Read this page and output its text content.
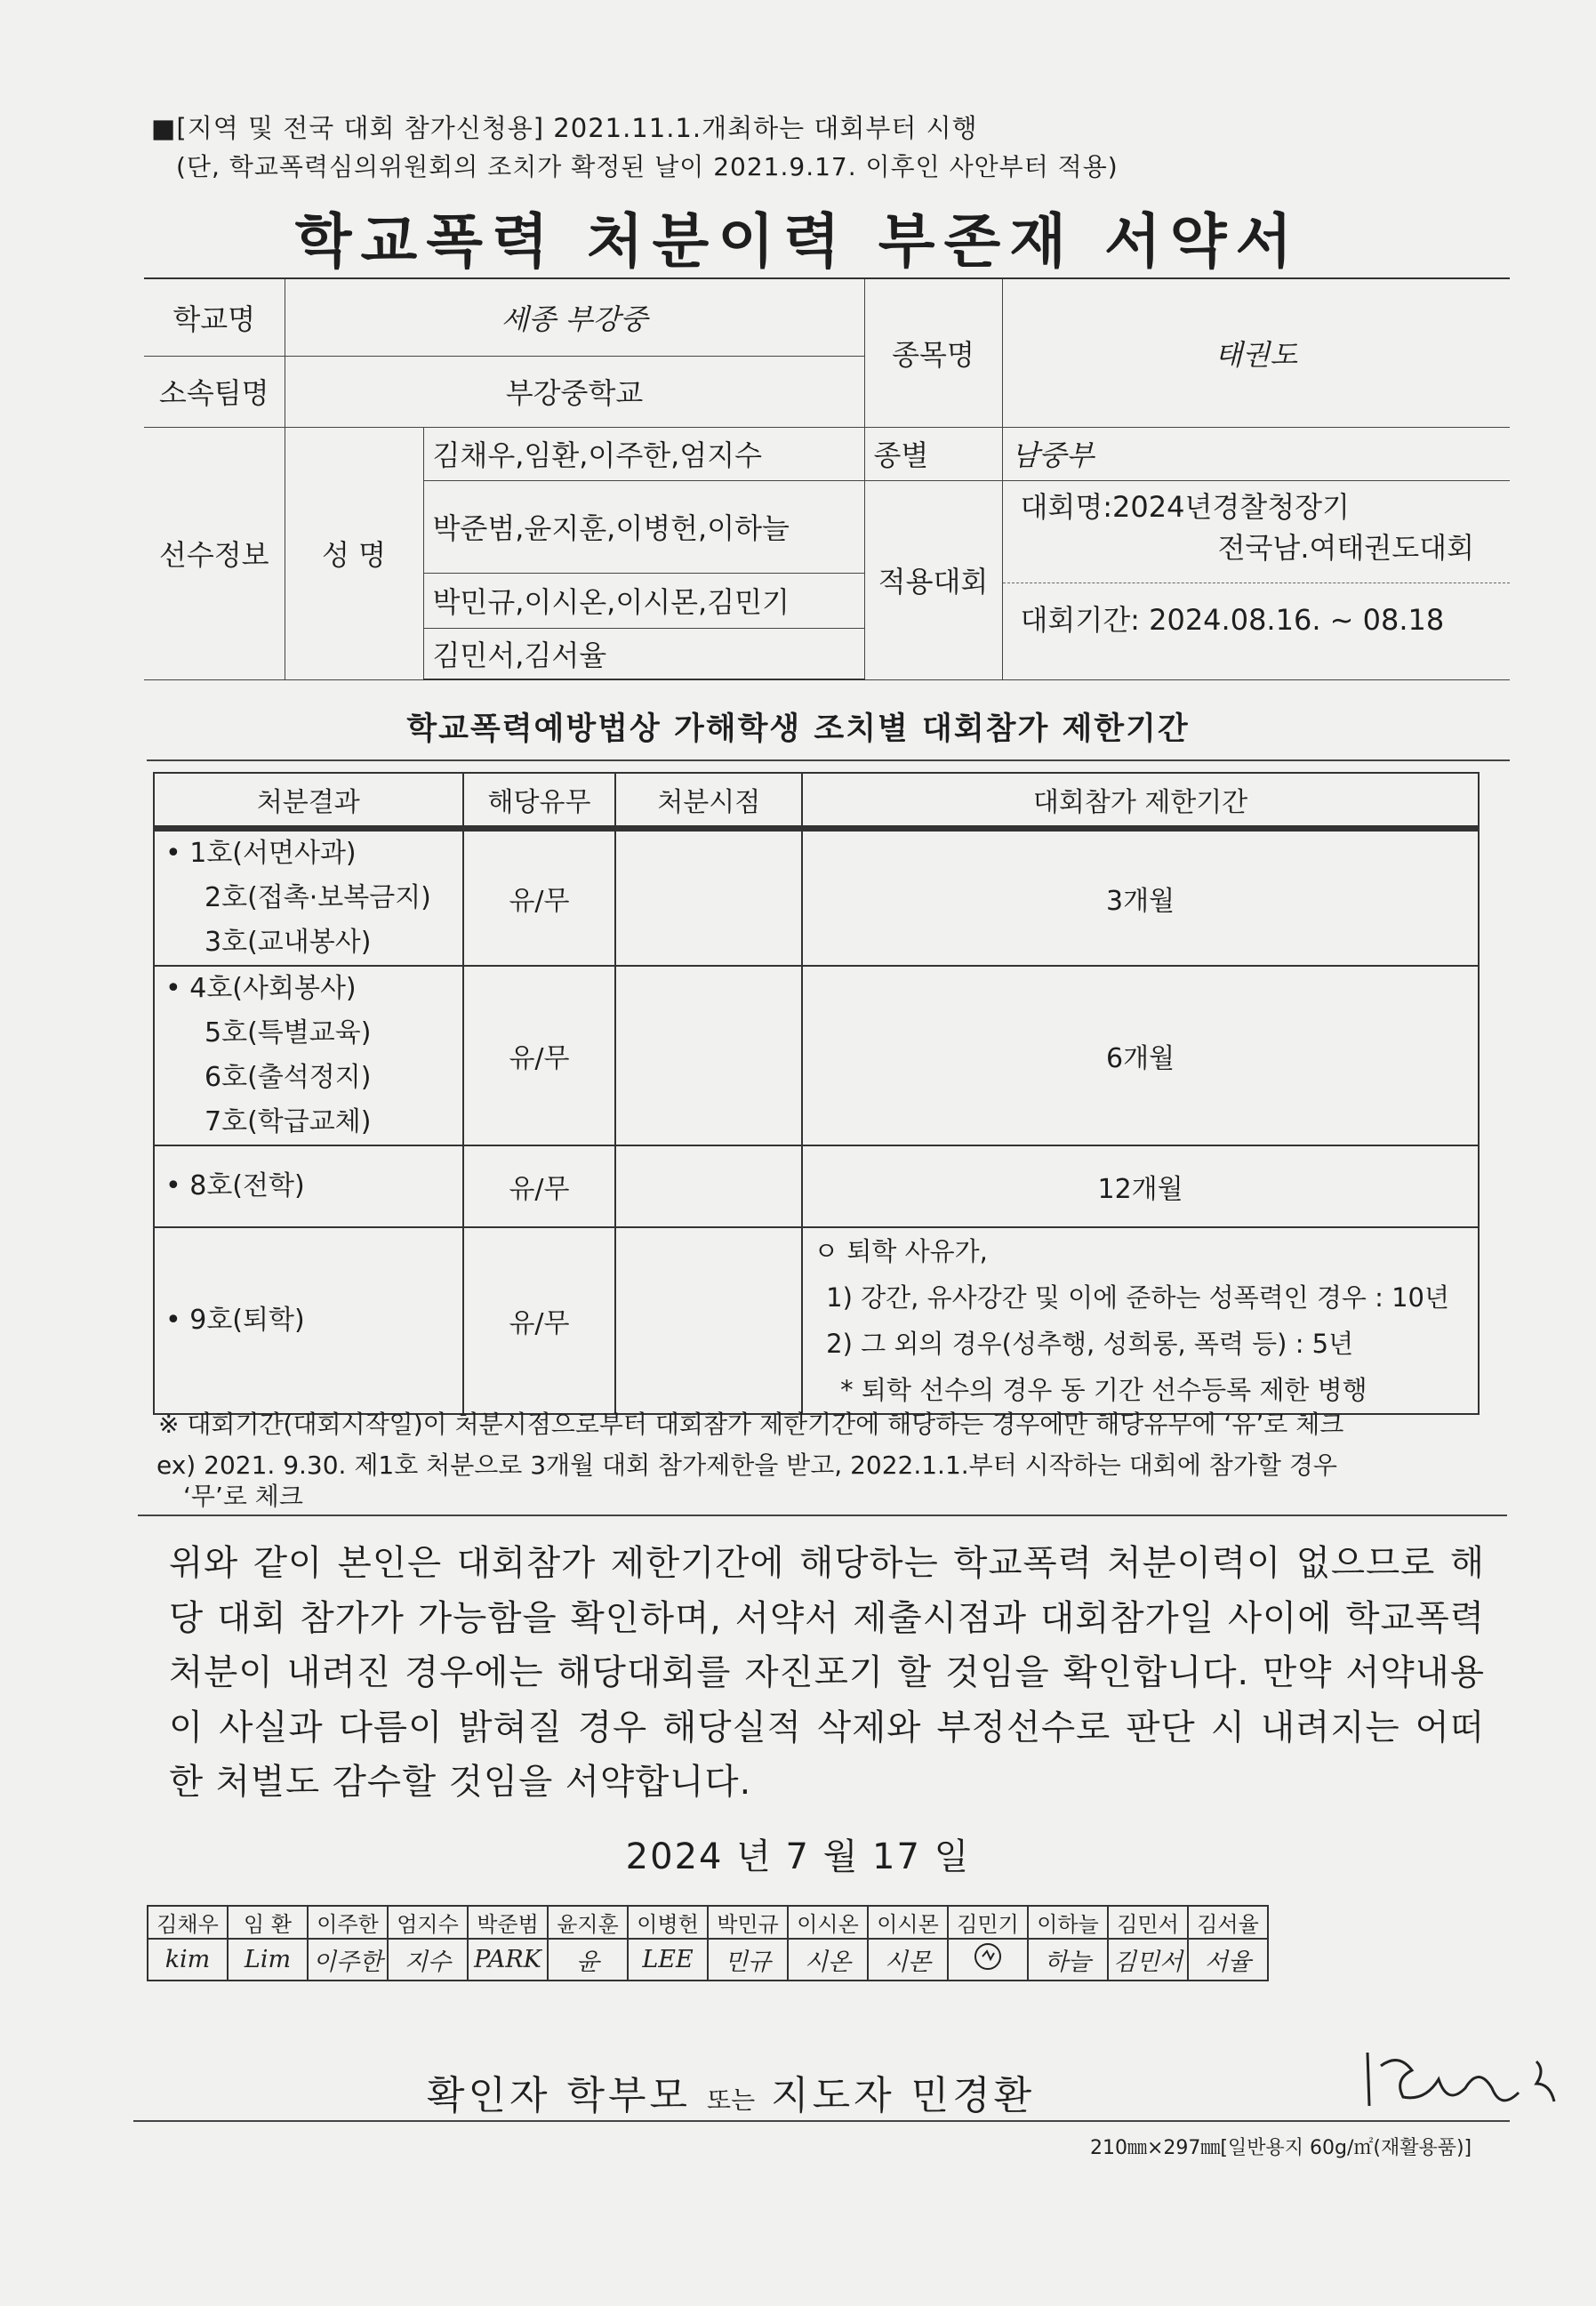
■[지역 및 전국 대회 참가신청용] 2021.11.1.개최하는 대회부터 시행
(단, 학교폭력심의위원회의 조치가 확정된 날이 2021.9.17. 이후인 사안부터 적용)
학교폭력 처분이력 부존재 서약서
학교명	세종 부강중		종목명	태권도
소속팀명	부강중학교			
선수정보	성 명	김채우,임환,이주한,엄지수	종별	남중부
		박준범,윤지훈,이병헌,이하늘	적용대회	대회명:2024년경찰청장기
전국남.여태권도대회
대회기간: 2024.08.16. ~ 08.18

		박민규,이시온,이시몬,김민기		
		김민서,김서율		
학교폭력예방법상 가해학생 조치별 대회참가 제한기간
처분결과	해당유무	처분시점	대회참가 제한기간

• 1호(서면사과)
2호(접촉·보복금지)
3호(교내봉사)	유/무		3개월

• 4호(사회봉사)
5호(특별교육)
6호(출석정지)
7호(학급교체)	유/무		6개월

• 8호(전학)	유/무		12개월

• 9호(퇴학)	유/무		ㅇ 퇴학 사유가,
1) 강간, 유사강간 및 이에 준하는 성폭력인 경우 : 10년
2) 그 외의 경우(성추행, 성희롱, 폭력 등) : 5년
* 퇴학 선수의 경우 동 기간 선수등록 제한 병행
※ 대회기간(대회시작일)이 처분시점으로부터 대회참가 제한기간에 해당하는 경우에만 해당유무에 ‘유’로 체크
ex) 2021. 9.30. 제1호 처분으로 3개월 대회 참가제한을 받고, 2022.1.1.부터 시작하는 대회에 참가할 경우
‘무’로 체크
위와 같이 본인은 대회참가 제한기간에 해당하는 학교폭력 처분이력이 없으므로 해당 대회 참가가 가능함을 확인하며, 서약서 제출시점과 대회참가일 사이에 학교폭력 처분이 내려진 경우에는 해당대회를 자진포기 할 것임을 확인합니다. 만약 서약내용이 사실과 다름이 밝혀질 경우 해당실적 삭제와 부정선수로 판단 시 내려지는 어떠한 처벌도 감수할 것임을 서약합니다.
2024 년 7 월 17 일
김채우	임 환	이주한	엄지수	박준범	윤지훈	이병헌	박민규	이시온	이시몬	김민기	이하늘	김민서	김서율
kim	Lim	이주한	지수	PARK	윤	LEE	민규	시온	시몬		하늘	김민서	서율
확인자 학부모 또는 지도자 민경환
210㎜×297㎜[일반용지 60g/㎡(재활용품)]
